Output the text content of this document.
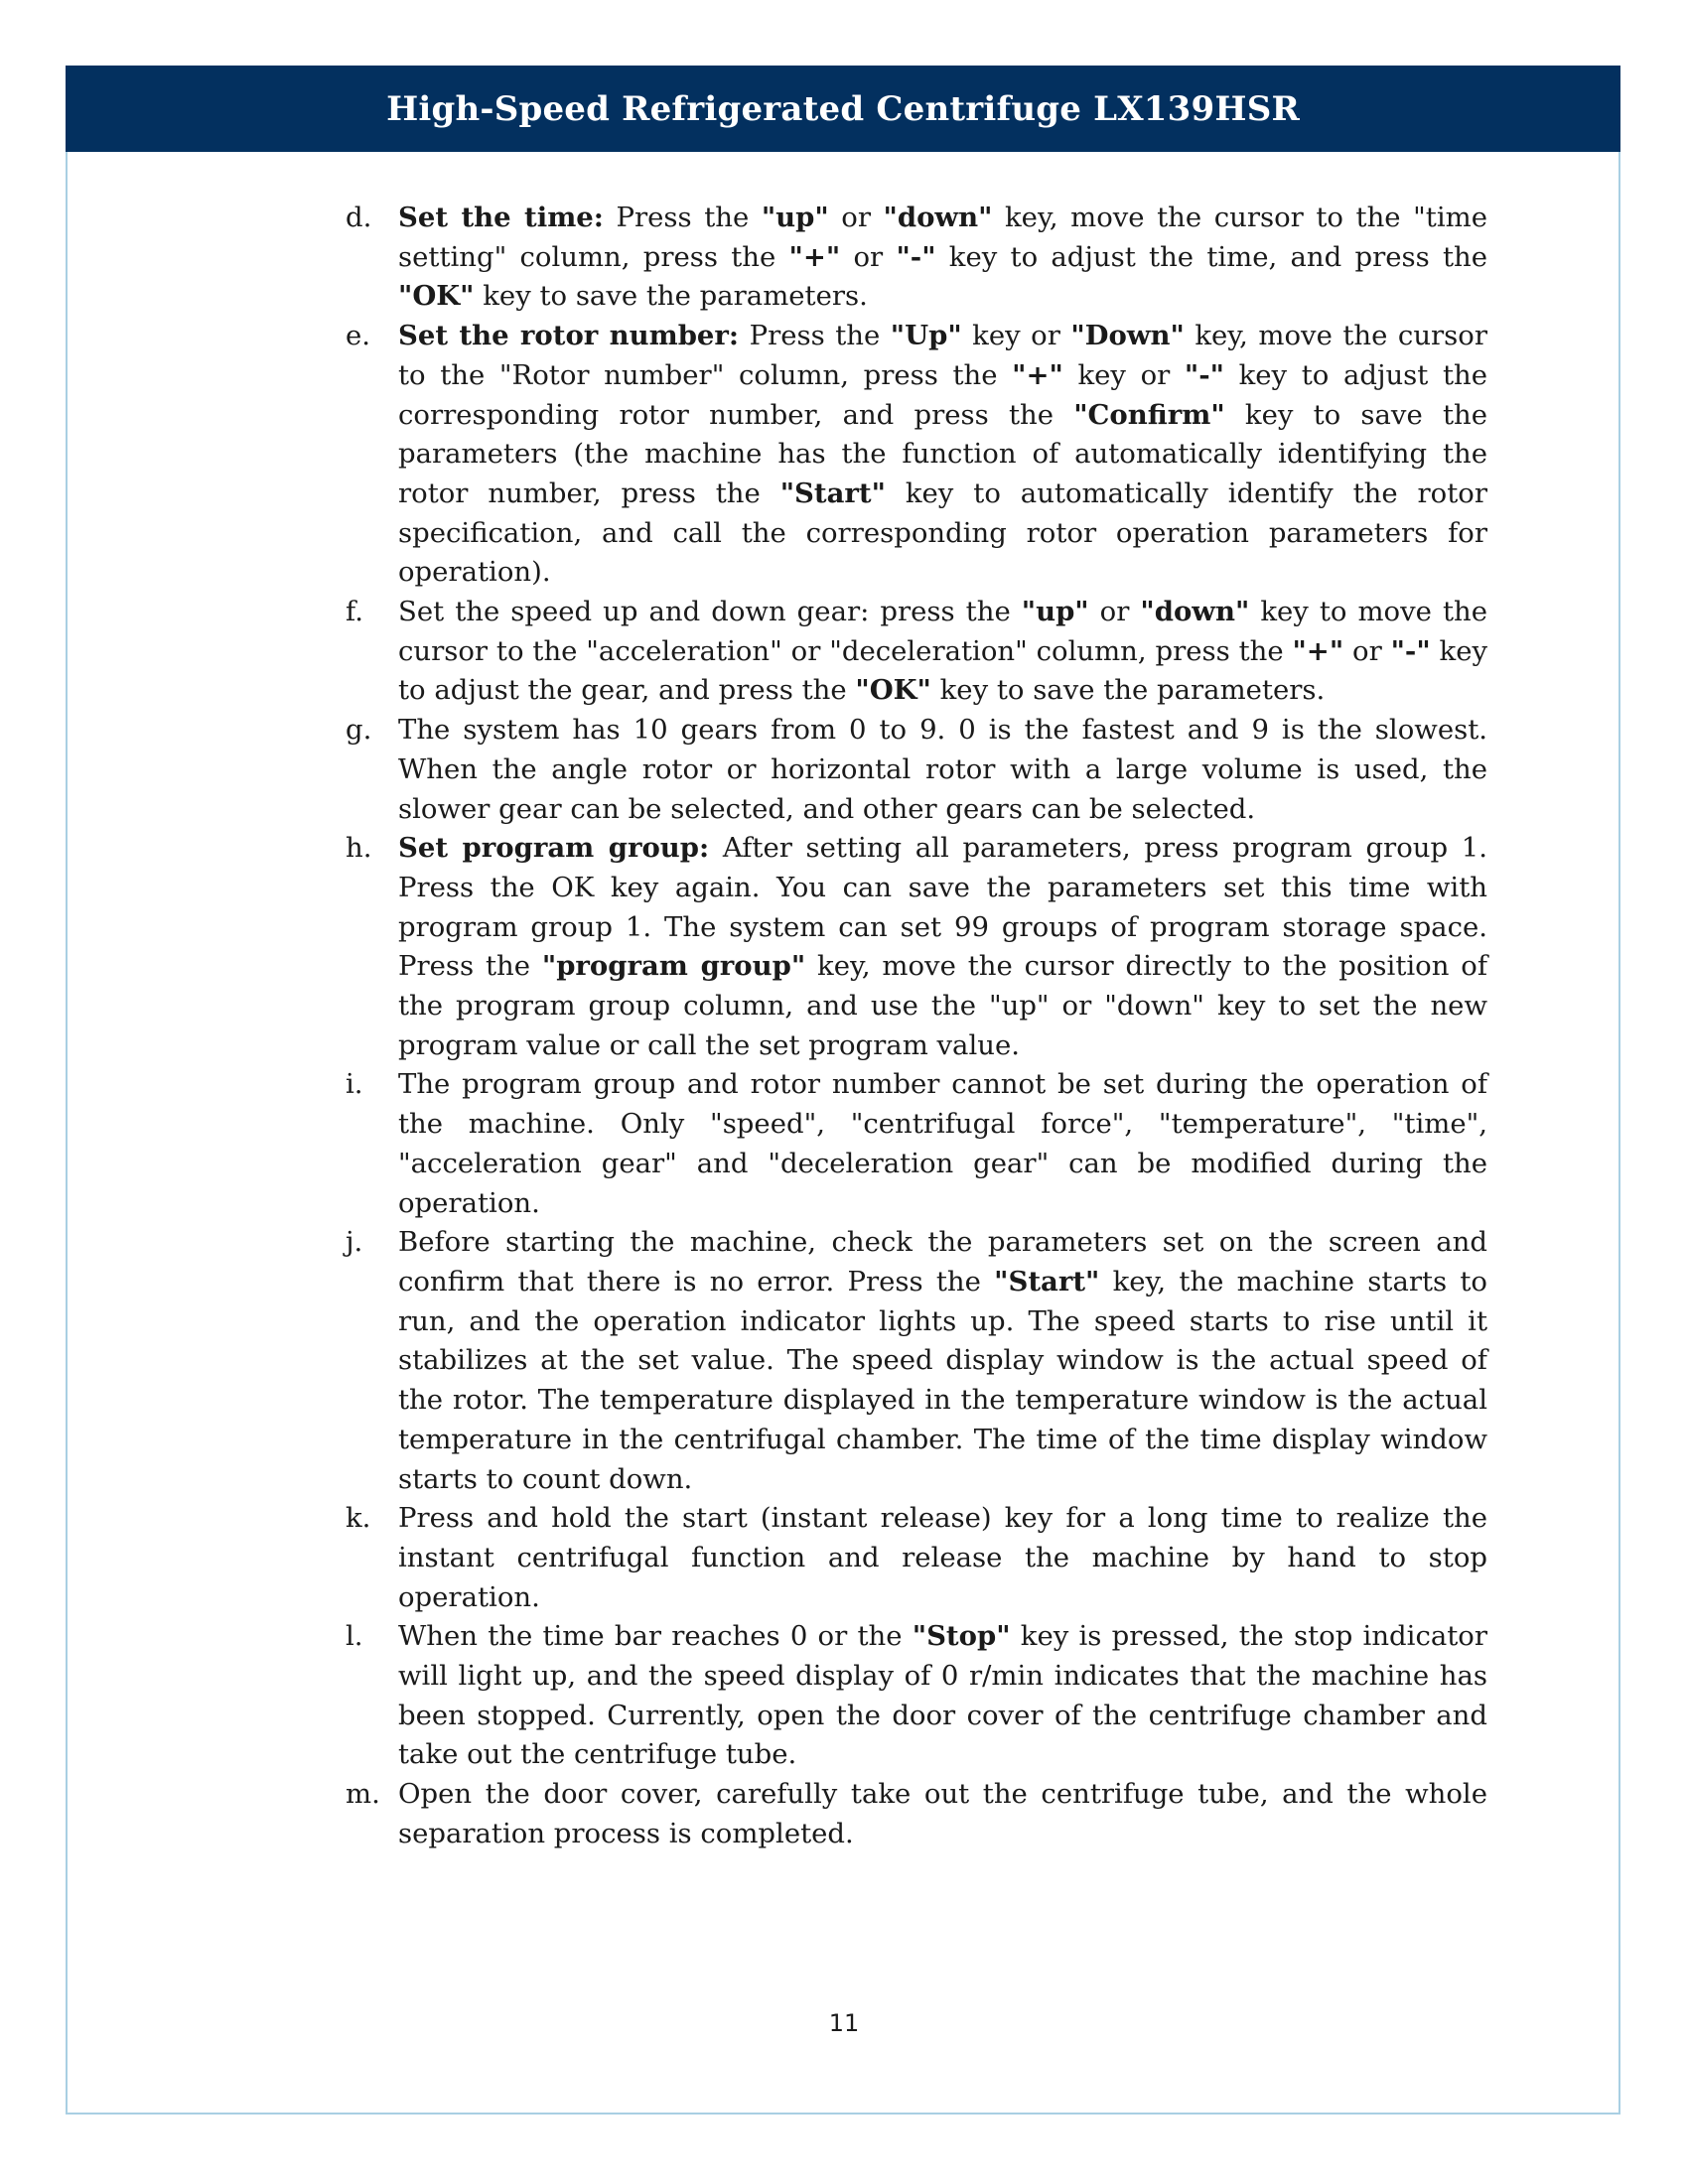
High-Speed Refrigerated Centrifuge LX139HSR
d. Set the time: Press the "up" or "down" key, move the cursor to the "time setting" column, press the "+" or "-" key to adjust the time, and press the "OK" key to save the parameters.
e.	Set the rotor number: Press the "Up" key or "Down" key, move the cursor to the "Rotor number" column, press the "+" key or "-" key to adjust the corresponding rotor number, and press the "Confirm" key to save the parameters (the machine has the function of automatically identifying the rotor number, press the "Start" key to automatically identify the rotor specification, and call the corresponding rotor operation parameters for operation).
f.	Set the speed up and down gear: press the "up" or "down" key to move the cursor to the "acceleration" or "deceleration" column, press the "+" or "-" key to adjust the gear, and press the "OK" key to save the parameters.
g. The system has 10 gears from 0 to 9. 0 is the fastest and 9 is the slowest. When the angle rotor or horizontal rotor with a large volume is used, the slower gear can be selected, and other gears can be selected.
h. Set program group: After setting all parameters, press program group 1. Press the OK key again. You can save the parameters set this time with program group 1. The system can set 99 groups of program storage space. Press the "program group" key, move the cursor directly to the position of the program group column, and use the "up" or "down" key to set the new program value or call the set program value.
i.	The program group and rotor number cannot be set during the operation of the machine. Only "speed", "centrifugal force", "temperature", "time", "acceleration gear" and "deceleration gear" can be modified during the operation.
j.	Before starting the machine, check the parameters set on the screen and confirm that there is no error. Press the "Start" key, the machine starts to run, and the operation indicator lights up. The speed starts to rise until it stabilizes at the set value. The speed display window is the actual speed of the rotor. The temperature displayed in the temperature window is the actual temperature in the centrifugal chamber. The time of the time display window starts to count down.
k.	Press and hold the start (instant release) key for a long time to realize the instant centrifugal function and release the machine by hand to stop operation.
l.	When the time bar reaches 0 or the "Stop" key is pressed, the stop indicator will light up, and the speed display of 0 r/min indicates that the machine has been stopped. Currently, open the door cover of the centrifuge chamber and take out the centrifuge tube.
m. Open the door cover, carefully take out the centrifuge tube, and the whole separation process is completed.
11
